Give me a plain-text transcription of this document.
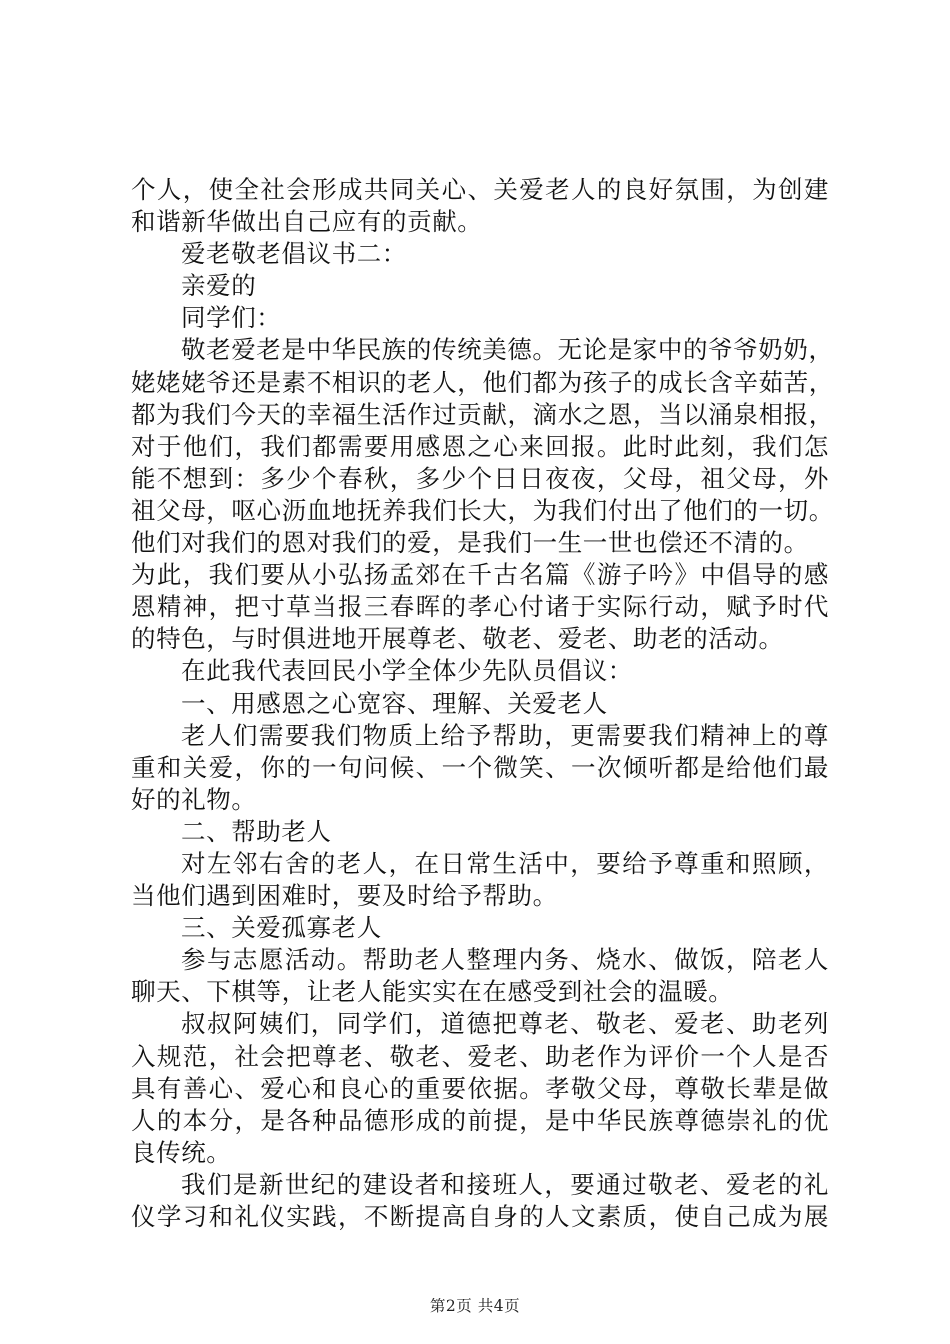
个人，使全社会形成共同关心、关爱老人的良好氛围，为创建
和谐新华做出自己应有的贡献。
爱老敬老倡议书二：
亲爱的
同学们：
敬老爱老是中华民族的传统美德。无论是家中的爷爷奶奶，
姥姥姥爷还是素不相识的老人，他们都为孩子的成长含辛茹苦，
都为我们今天的幸福生活作过贡献，滴水之恩，当以涌泉相报，
对于他们，我们都需要用感恩之心来回报。此时此刻，我们怎
能不想到：多少个春秋，多少个日日夜夜，父母，祖父母，外
祖父母，呕心沥血地抚养我们长大，为我们付出了他们的一切。
他们对我们的恩对我们的爱，是我们一生一世也偿还不清的。
为此，我们要从小弘扬孟郊在千古名篇《游子吟》中倡导的感
恩精神，把寸草当报三春晖的孝心付诸于实际行动，赋予时代
的特色，与时俱进地开展尊老、敬老、爱老、助老的活动。
在此我代表回民小学全体少先队员倡议：
一、用感恩之心宽容、理解、关爱老人
老人们需要我们物质上给予帮助，更需要我们精神上的尊
重和关爱，你的一句问候、一个微笑、一次倾听都是给他们最
好的礼物。
二、帮助老人
对左邻右舍的老人，在日常生活中，要给予尊重和照顾，
当他们遇到困难时，要及时给予帮助。
三、关爱孤寡老人
参与志愿活动。帮助老人整理内务、烧水、做饭，陪老人
聊天、下棋等，让老人能实实在在感受到社会的温暖。
叔叔阿姨们，同学们，道德把尊老、敬老、爱老、助老列
入规范，社会把尊老、敬老、爱老、助老作为评价一个人是否
具有善心、爱心和良心的重要依据。孝敬父母，尊敬长辈是做
人的本分，是各种品德形成的前提，是中华民族尊德崇礼的优
良传统。
我们是新世纪的建设者和接班人，要通过敬老、爱老的礼
仪学习和礼仪实践，不断提高自身的人文素质，使自己成为展
第2页 共4页
